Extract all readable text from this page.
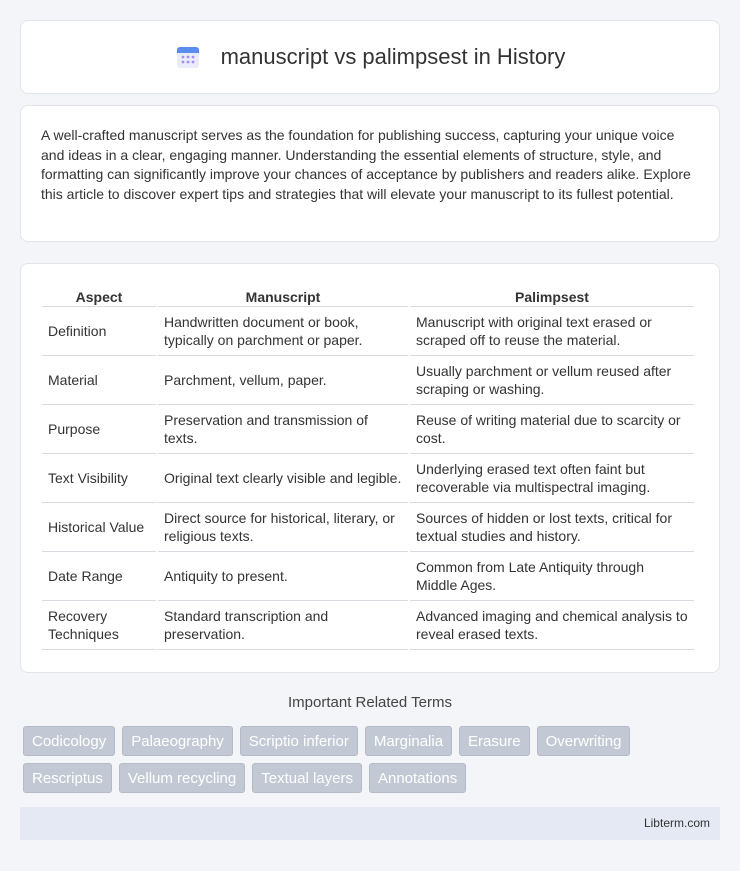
manuscript vs palimpsest in History

A well-crafted manuscript serves as the foundation for publishing success, capturing your unique voice and ideas in a clear, engaging manner. Understanding the essential elements of structure, style, and formatting can significantly improve your chances of acceptance by publishers and readers alike. Explore this article to discover expert tips and strategies that will elevate your manuscript to its fullest potential.

Aspect	Manuscript	Palimpsest
Definition	Handwritten document or book, typically on parchment or paper.	Manuscript with original text erased or scraped off to reuse the material.
Material	Parchment, vellum, paper.	Usually parchment or vellum reused after scraping or washing.
Purpose	Preservation and transmission of texts.	Reuse of writing material due to scarcity or cost.
Text Visibility	Original text clearly visible and legible.	Underlying erased text often faint but recoverable via multispectral imaging.
Historical Value	Direct source for historical, literary, or religious texts.	Sources of hidden or lost texts, critical for textual studies and history.
Date Range	Antiquity to present.	Common from Late Antiquity through Middle Ages.
Recovery Techniques	Standard transcription and preservation.	Advanced imaging and chemical analysis to reveal erased texts.
Important Related Terms
Codicology	Palaeography	Scriptio inferior	Marginalia	Erasure	Overwriting
Rescriptus	Vellum recycling	Textual layers	Annotations
Libterm.com
